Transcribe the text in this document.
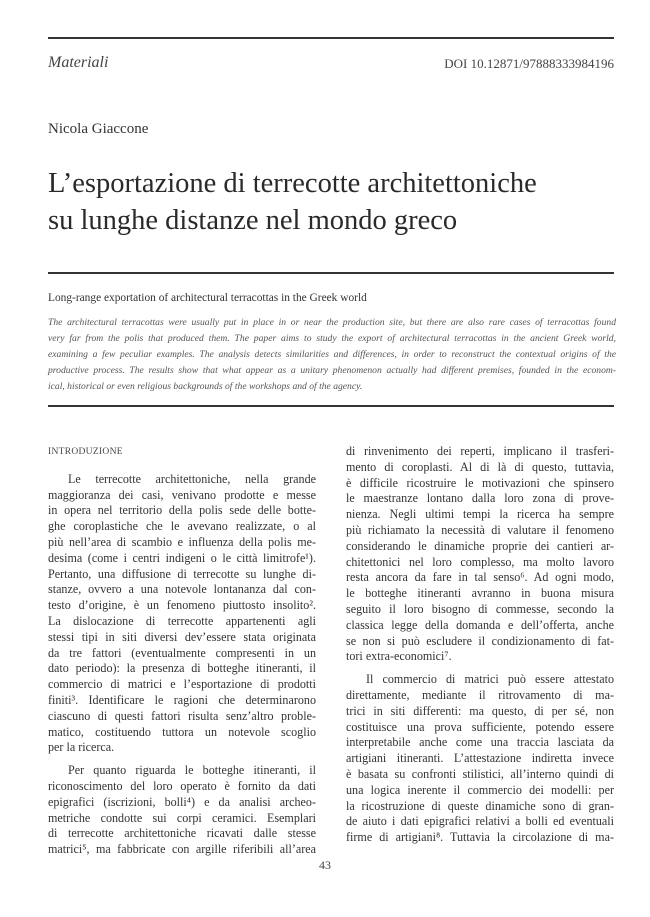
Materiali	DOI 10.12871/97888333984196
Nicola Giaccone
L’esportazione di terrecotte architettoniche
su lunghe distanze nel mondo greco
Long-range exportation of architectural terracottas in the Greek world
The architectural terracottas were usually put in place in or near the production site, but there are also rare cases of terracottas found
very far from the polis that produced them. The paper aims to study the export of architectural terracottas in the ancient Greek world,
examining a few peculiar examples. The analysis detects similarities and differences, in order to reconstruct the contextual origins of the
productive process. The results show that what appear as a unitary phenomenon actually had different premises, founded in the econom-
ical, historical or even religious backgrounds of the workshops and of the agency.
INTRODUZIONE
Le terrecotte architettoniche, nella grande
maggioranza dei casi, venivano prodotte e messe
in opera nel territorio della polis sede delle botte-
ghe coroplastiche che le avevano realizzate, o al
più nell’area di scambio e influenza della polis me-
desima (come i centri indigeni o le città limitrofe¹).
Pertanto, una diffusione di terrecotte su lunghe di-
stanze, ovvero a una notevole lontananza dal con-
testo d’origine, è un fenomeno piuttosto insolito².
La dislocazione di terrecotte appartenenti agli
stessi tipi in siti diversi dev’essere stata originata
da tre fattori (eventualmente compresenti in un
dato periodo): la presenza di botteghe itineranti, il
commercio di matrici e l’esportazione di prodotti
finiti³. Identificare le ragioni che determinarono
ciascuno di questi fattori risulta senz’altro proble-
matico, costituendo tuttora un notevole scoglio
per la ricerca.
Per quanto riguarda le botteghe itineranti, il
riconoscimento del loro operato è fornito da dati
epigrafici (iscrizioni, bolli⁴) e da analisi archeo-
metriche condotte sui corpi ceramici. Esemplari
di terrecotte architettoniche ricavati dalle stesse
matrici⁵, ma fabbricate con argille riferibili all’area
di rinvenimento dei reperti, implicano il trasferi-
mento di coroplasti. Al di là di questo, tuttavia,
è difficile ricostruire le motivazioni che spinsero
le maestranze lontano dalla loro zona di prove-
nienza. Negli ultimi tempi la ricerca ha sempre
più richiamato la necessità di valutare il fenomeno
considerando le dinamiche proprie dei cantieri ar-
chitettonici nel loro complesso, ma molto lavoro
resta ancora da fare in tal senso⁶. Ad ogni modo,
le botteghe itineranti avranno in buona misura
seguito il loro bisogno di commesse, secondo la
classica legge della domanda e dell’offerta, anche
se non si può escludere il condizionamento di fat-
tori extra-economici⁷.
Il commercio di matrici può essere attestato
direttamente, mediante il ritrovamento di ma-
trici in siti differenti: ma questo, di per sé, non
costituisce una prova sufficiente, potendo essere
interpretabile anche come una traccia lasciata da
artigiani itineranti. L’attestazione indiretta invece
è basata su confronti stilistici, all’interno quindi di
una logica inerente il commercio dei modelli: per
la ricostruzione di queste dinamiche sono di gran-
de aiuto i dati epigrafici relativi a bolli ed eventuali
firme di artigiani⁸. Tuttavia la circolazione di ma-
43
